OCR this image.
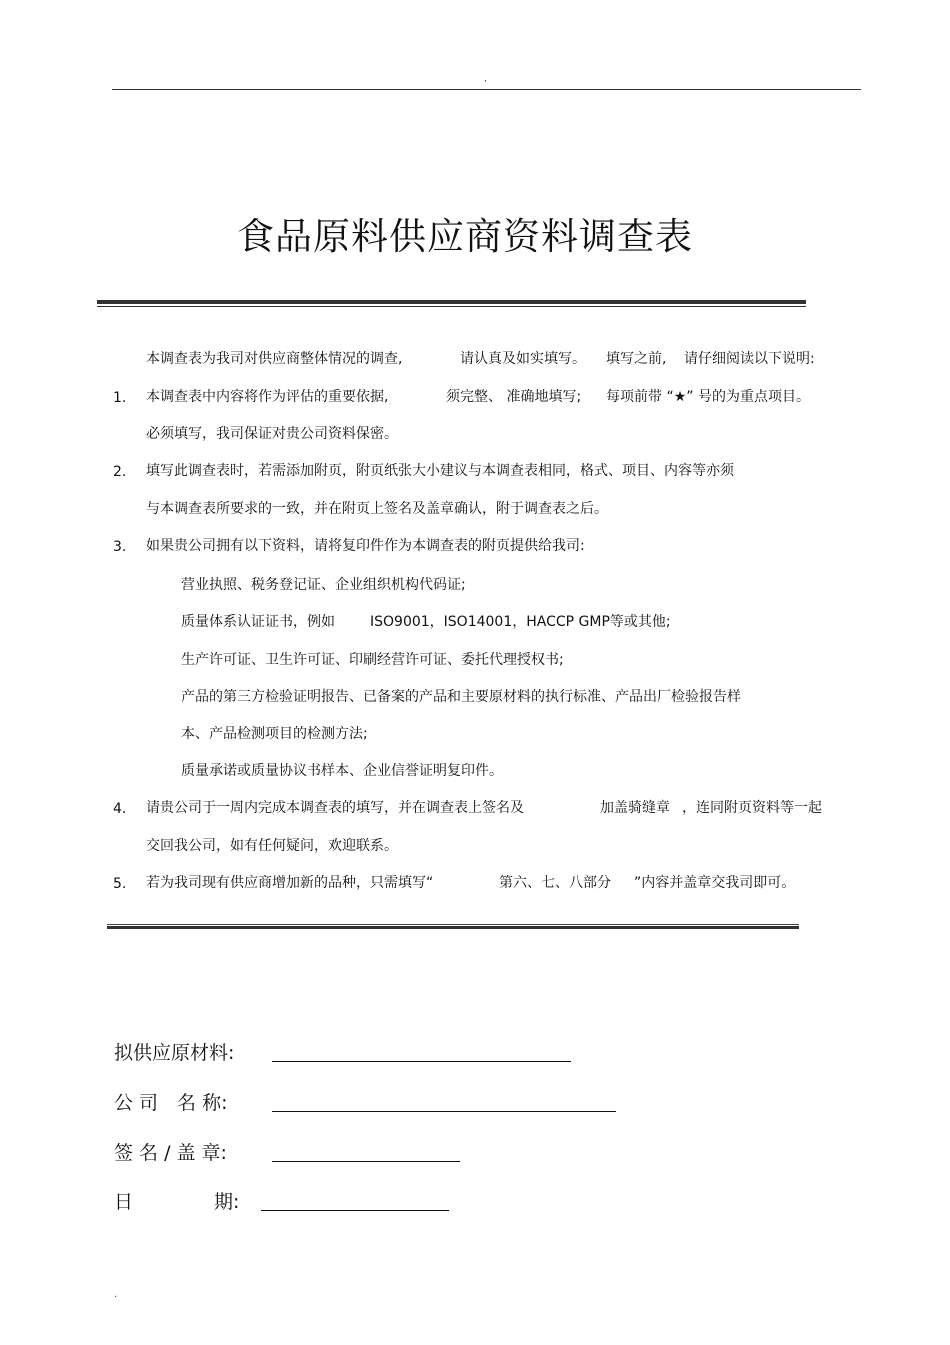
,
食品原料供应商资料调查表
本调查表为我司对供应商整体情况的调查,	请认真及如实填写。 填写之前, 请仔细阅读以下说明:
1. 本调查表中内容将作为评估的重要依据,	须完整、 准确地填写; 每项前带 “★” 号的为重点项目。
必须填写，我司保证对贵公司资料保密。
2. 填写此调查表时，若需添加附页，附页纸张大小建议与本调查表相同，格式、项目、内容等亦须
与本调查表所要求的一致，并在附页上签名及盖章确认，附于调查表之后。
3. 如果贵公司拥有以下资料，请将复印件作为本调查表的附页提供给我司:
营业执照、税务登记证、企业组织机构代码证;
质量体系认证证书，例如	ISO9001，ISO14001，HACCP GMP等或其他;
生产许可证、卫生许可证、印刷经营许可证、委托代理授权书;
产品的第三方检验证明报告、已备案的产品和主要原材料的执行标准、产品出厂检验报告样
本、产品检测项目的检测方法;
质量承诺或质量协议书样本、企业信誉证明复印件。
4. 请贵公司于一周内完成本调查表的填写，并在调查表上签名及	加盖骑缝章 ，连同附页资料等一起
交回我公司，如有任何疑问，欢迎联系。
5. 若为我司现有供应商增加新的品种，只需填写“	第六、七、八部分 ”内容并盖章交我司即可。
拟供应原材料:
公 司　名 称:
签 名 / 盖 章:
日	期:
.
